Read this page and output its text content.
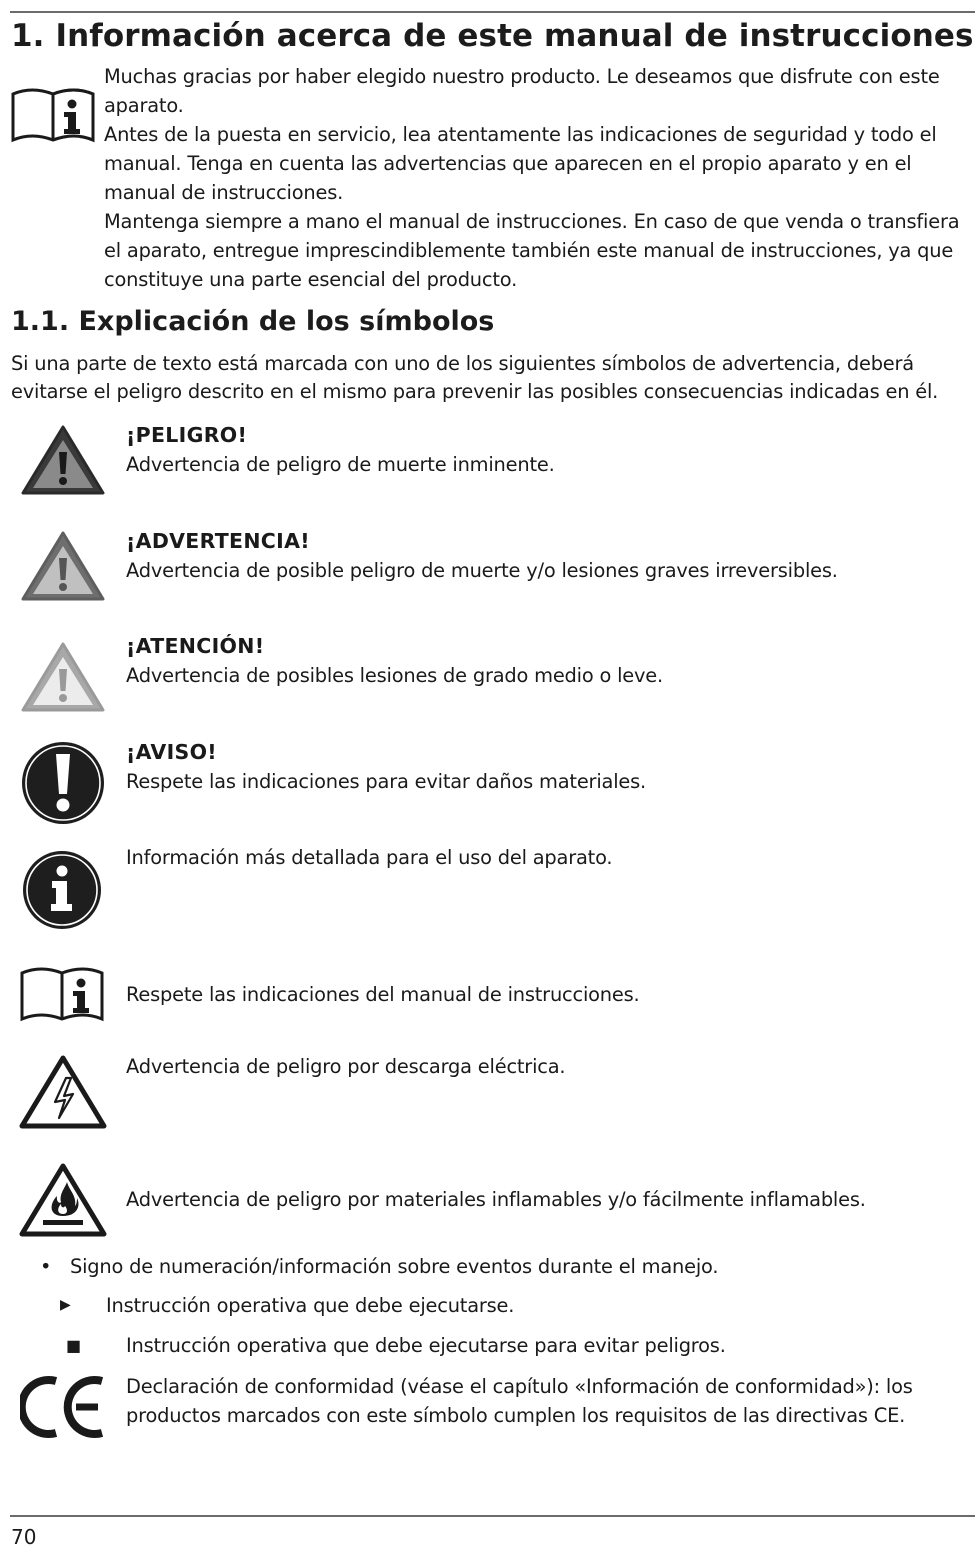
1. Información acerca de este manual de instrucciones

Muchas gracias por haber elegido nuestro producto. Le deseamos que disfrute con este aparato.

Antes de la puesta en servicio, lea atentamente las indicaciones de seguridad y todo el manual. Tenga en cuenta las advertencias que aparecen en el propio aparato y en el manual de instrucciones.

Mantenga siempre a mano el manual de instrucciones. En caso de que venda o transfiera el aparato, entregue imprescindiblemente también este manual de instrucciones, ya que constituye una parte esencial del producto.

1.1. Explicación de los símbolos
Si una parte de texto está marcada con uno de los siguientes símbolos de advertencia, deberá evitarse el peligro descrito en el mismo para prevenir las posibles consecuencias indicadas en él.
¡PELIGRO!
Advertencia de peligro de muerte inminente.
¡ADVERTENCIA!
Advertencia de posible peligro de muerte y/o lesiones graves irreversibles.
¡ATENCIÓN!
Advertencia de posibles lesiones de grado medio o leve.
¡AVISO!
Respete las indicaciones para evitar daños materiales.
Información más detallada para el uso del aparato.
Respete las indicaciones del manual de instrucciones.
Advertencia de peligro por descarga eléctrica.
Advertencia de peligro por materiales inflamables y/o fácilmente inflamables.
• Signo de numeración/información sobre eventos durante el manejo.
▶ Instrucción operativa que debe ejecutarse.
■ Instrucción operativa que debe ejecutarse para evitar peligros.
Declaración de conformidad (véase el capítulo «Información de conformidad»): los productos marcados con este símbolo cumplen los requisitos de las directivas CE.
70
